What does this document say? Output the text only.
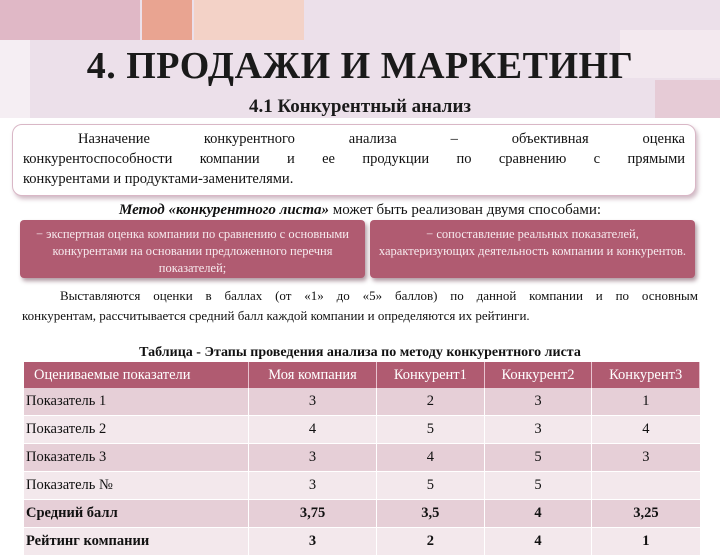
4. ПРОДАЖИ И МАРКЕТИНГ
4.1 Конкурентный анализ
Назначение конкурентного анализа – объективная оценка
конкурентоспособности компании и ее продукции по сравнению с прямыми
конкурентами и продуктами-заменителями.
Метод «конкурентного листа» может быть реализован двумя способами:
− экспертная оценка компании по сравнению с основными конкурентами на основании предложенного перечня показателей;
− сопоставление реальных показателей, характеризующих деятельность компании и конкурентов.
Выставляются оценки в баллах (от «1» до «5» баллов) по данной компании и по основным
конкурентам, рассчитывается средний балл каждой компании и определяются их рейтинги.
Таблица - Этапы проведения анализа по методу конкурентного листа
Оцениваемые показатели	Моя компания	Конкурент1	Конкурент2	Конкурент3
Показатель 1	3	2	3	1
Показатель 2	4	5	3	4
Показатель 3	3	4	5	3
Показатель №	3	5	5	
Средний балл	3,75	3,5	4	3,25
Рейтинг компании	3	2	4	1
